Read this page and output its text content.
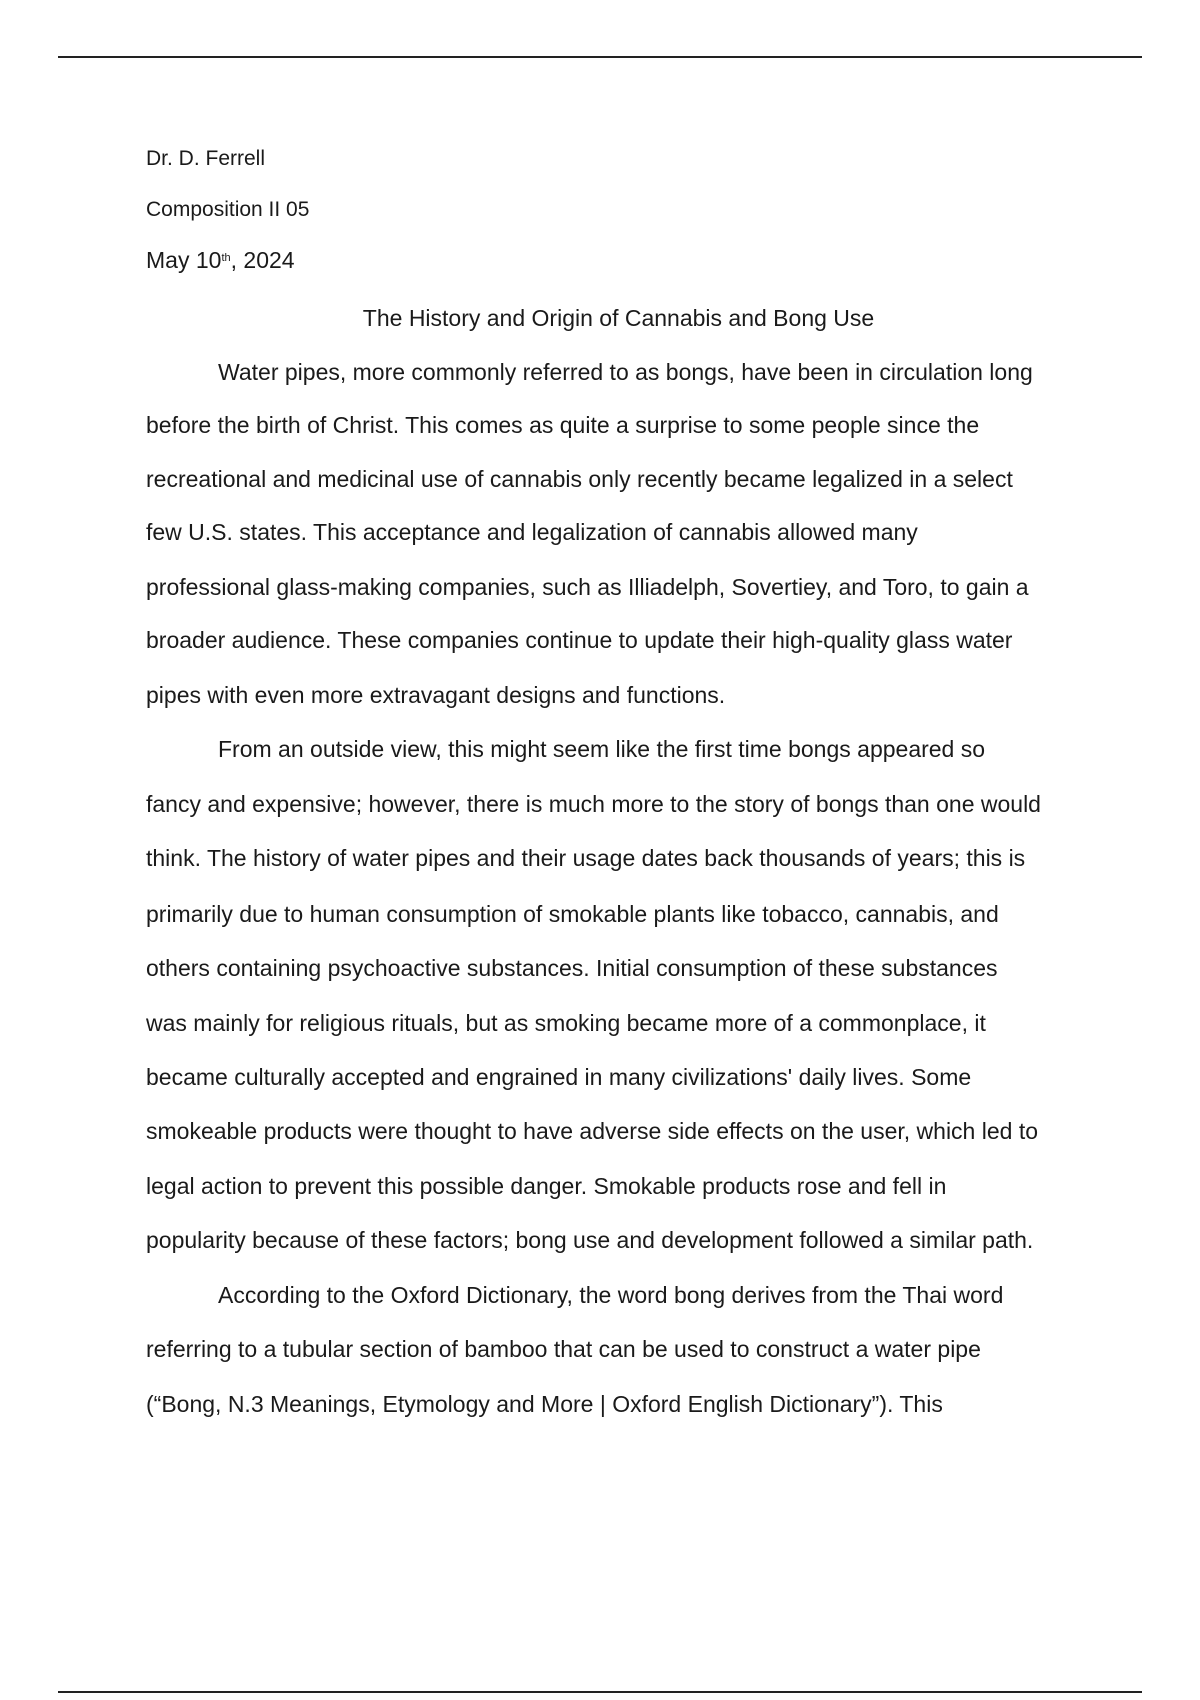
Dr. D. Ferrell
Composition II 05
May 10th, 2024
The History and Origin of Cannabis and Bong Use
Water pipes, more commonly referred to as bongs, have been in circulation long
before the birth of Christ. This comes as quite a surprise to some people since the
recreational and medicinal use of cannabis only recently became legalized in a select
few U.S. states. This acceptance and legalization of cannabis allowed many
professional glass-making companies, such as Illiadelph, Sovertiey, and Toro, to gain a
broader audience. These companies continue to update their high-quality glass water
pipes with even more extravagant designs and functions.
From an outside view, this might seem like the first time bongs appeared so
fancy and expensive; however, there is much more to the story of bongs than one would
think. The history of water pipes and their usage dates back thousands of years; this is
primarily due to human consumption of smokable plants like tobacco, cannabis, and
others containing psychoactive substances. Initial consumption of these substances
was mainly for religious rituals, but as smoking became more of a commonplace, it
became culturally accepted and engrained in many civilizations' daily lives. Some
smokeable products were thought to have adverse side effects on the user, which led to
legal action to prevent this possible danger. Smokable products rose and fell in
popularity because of these factors; bong use and development followed a similar path.
According to the Oxford Dictionary, the word bong derives from the Thai word
referring to a tubular section of bamboo that can be used to construct a water pipe
(“Bong, N.3 Meanings, Etymology and More | Oxford English Dictionary”). This
